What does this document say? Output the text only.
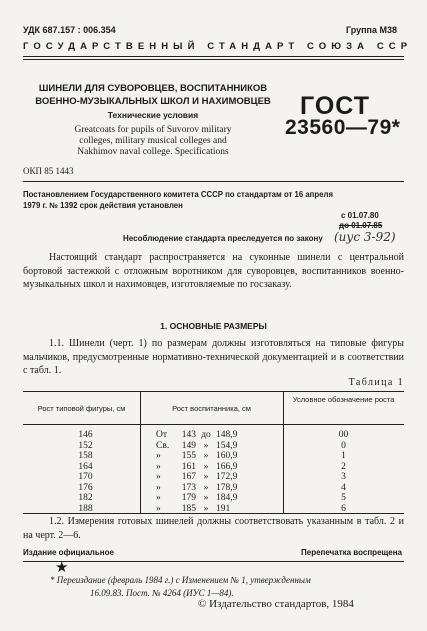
УДК 687.157 : 006.354	Группа М38
ГОСУДАРСТВЕННЫЙ СТАНДАРТ СОЮЗА ССР
ШИНЕЛИ ДЛЯ СУВОРОВЦЕВ, ВОСПИТАННИКОВ
ВОЕННО-МУЗЫКАЛЬНЫХ ШКОЛ И НАХИМОВЦЕВ
Технические условия
Greatcoats for pupils of Suvorov military
colleges, military musical colleges and
Nakhimov naval college. Specifications
ГОСТ
23560—79*
ОКП 85 1443
Постановлением Государственного комитета СССР по стандартам от 16 апреля
1979 г. № 1392 срок действия установлен
с 01.07.80
до 01.07.85
(иус 3-92)
Несоблюдение стандарта преследуется по закону
Настоящий стандарт распространяется на суконные шинели с центральной бортовой застежкой с отложным воротником для суворовцев, воспитанников военно-музыкальных школ и нахимовцев, изготовляемые по госзаказу.
1. ОСНОВНЫЕ РАЗМЕРЫ
1.1. Шинели (черт. 1) по размерам должны изготовляться на типовые фигуры мальчиков, предусмотренные нормативно-технической документацией и в соответствии с табл. 1.
Таблица 1
Рост типовой фигуры, см	Рост воспитанника, см
Условное обозначение роста
146	От 143 до 148,9	00
152	Св. 149 » 154,9	0
158	» 155 » 160,9	1
164	» 161 » 166,9	2
170	» 167 » 172,9	3
176	» 173 » 178,9	4
182	» 179 » 184,9	5
188	» 185 » 191	6
1.2. Измерения готовых шинелей должны соответствовать указанным в табл. 2 и на черт. 2—6.
Издание официальное	Перепечатка воспрещена
★
* Переиздание (февраль 1984 г.) с Изменением № 1, утвержденным
16.09.83. Пост. № 4264 (ИУС 1—84).
© Издательство стандартов, 1984
